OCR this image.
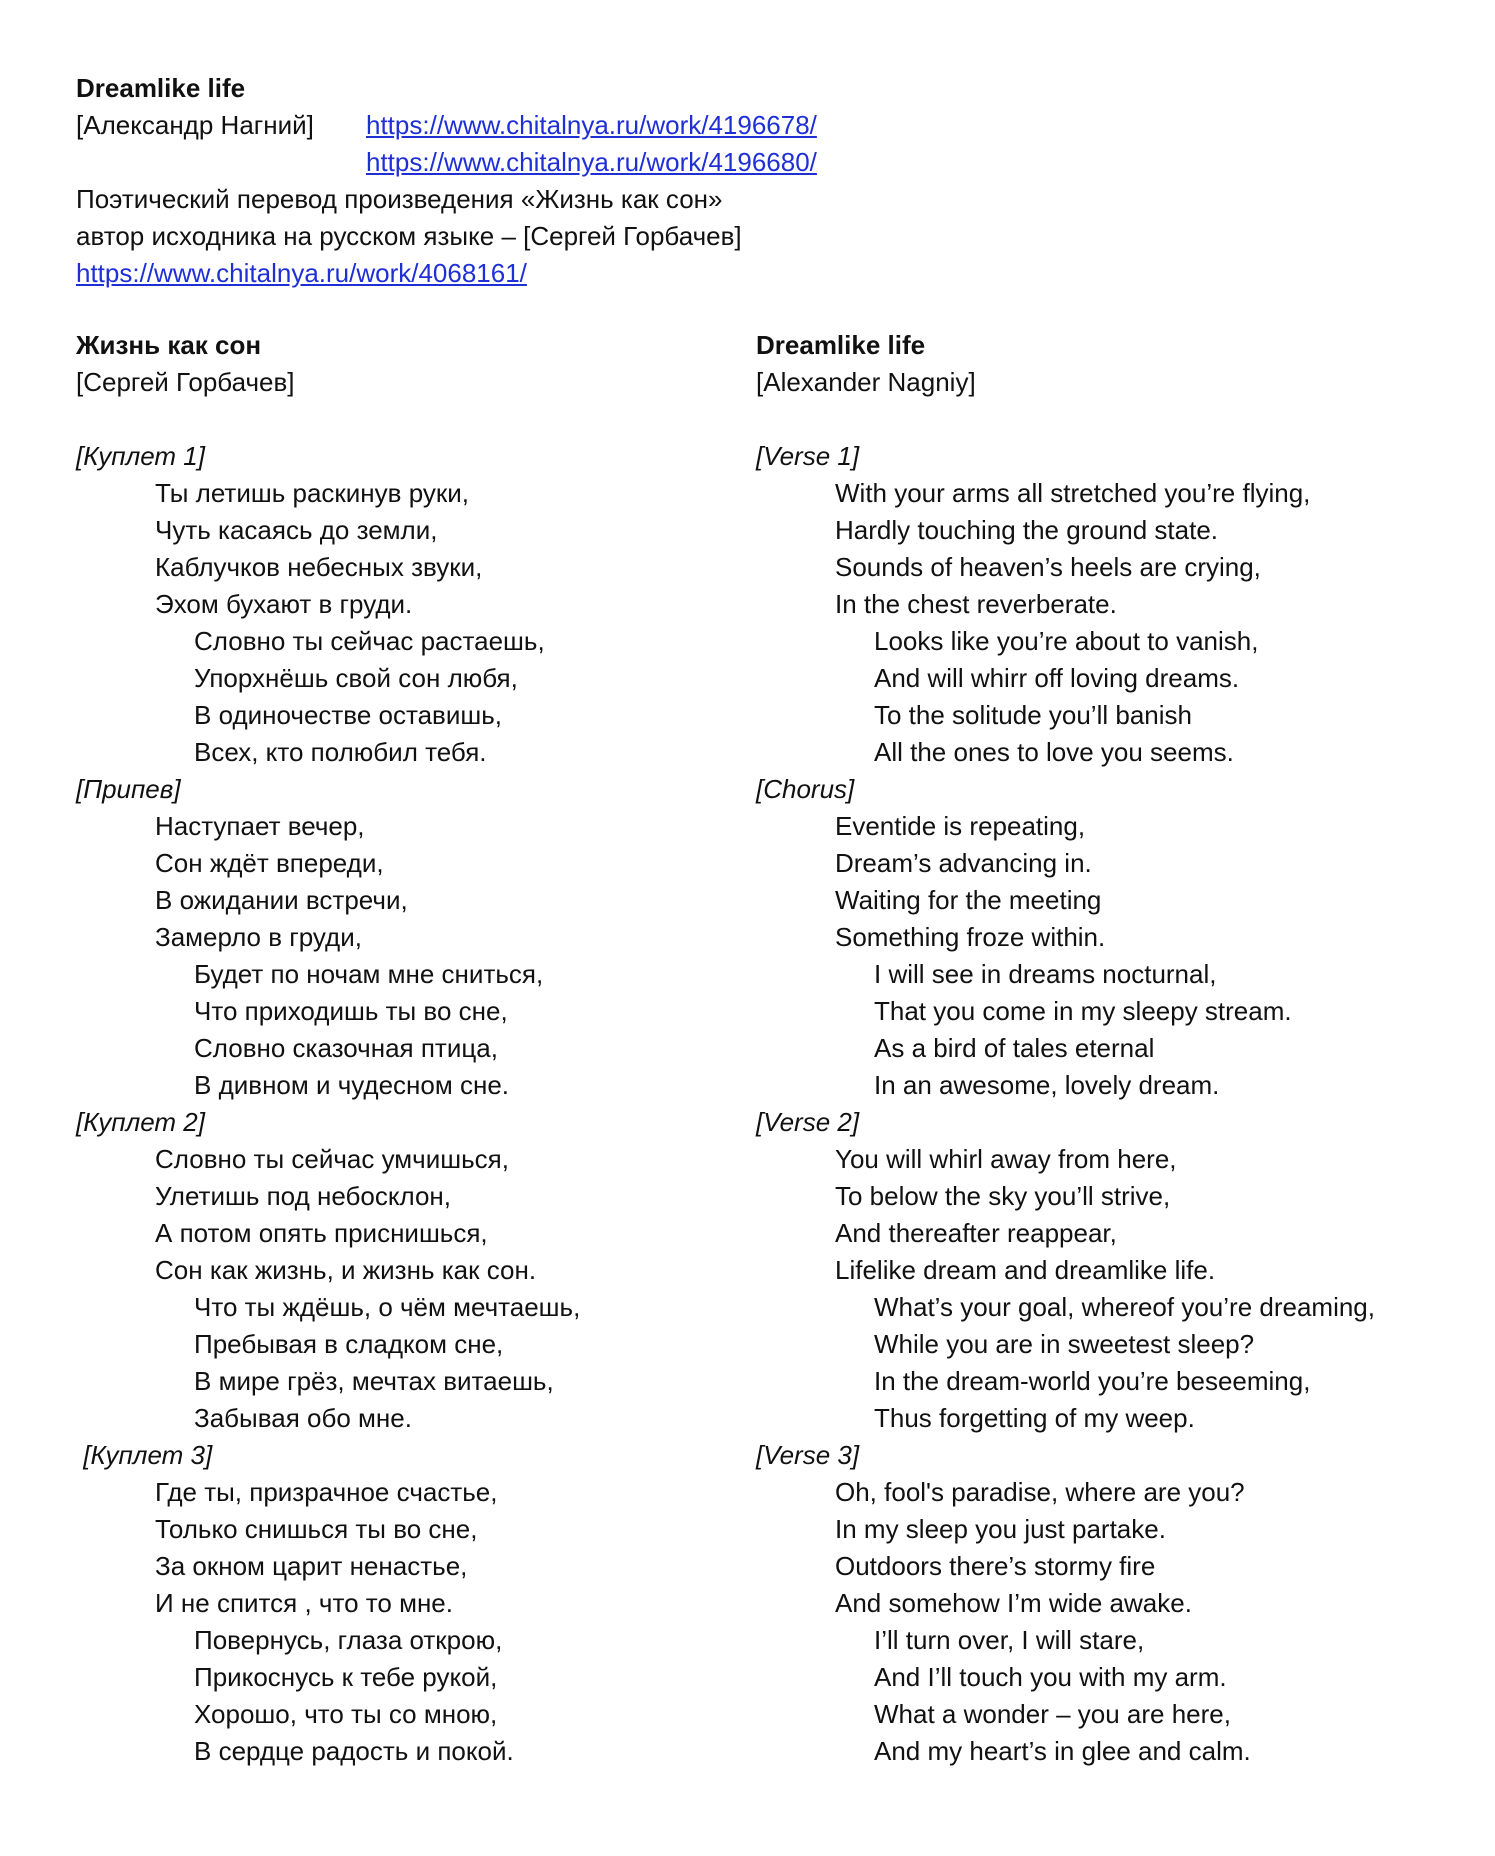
Dreamlike life
[Александр Нагний] https://www.chitalnya.ru/work/4196678/
https://www.chitalnya.ru/work/4196680/
Поэтический перевод произведения «Жизнь как сон»
автор исходника на русском языке – [Сергей Горбачев]
https://www.chitalnya.ru/work/4068161/
Жизнь как сон
[Сергей Горбачев]
[Куплет 1]
Ты летишь раскинув руки,
Чуть касаясь до земли,
Каблучков небесных звуки,
Эхом бухают в груди.
Словно ты сейчас растаешь,
Упорхнёшь свой сон любя,
В одиночестве оставишь,
Всех, кто полюбил тебя.
[Припев]
Наступает вечер,
Сон ждёт впереди,
В ожидании встречи,
Замерло в груди,
Будет по ночам мне сниться,
Что приходишь ты во сне,
Словно сказочная птица,
В дивном и чудесном сне.
[Куплет 2]
Словно ты сейчас умчишься,
Улетишь под небосклон,
А потом опять приснишься,
Сон как жизнь, и жизнь как сон.
Что ты ждёшь, о чём мечтаешь,
Пребывая в сладком сне,
В мире грёз, мечтах витаешь,
Забывая обо мне.
[Куплет 3]
Где ты, призрачное счастье,
Только снишься ты во сне,
За окном царит ненастье,
И не спится , что то мне.
Повернусь, глаза открою,
Прикоснусь к тебе рукой,
Хорошо, что ты со мною,
В сердце радость и покой.
Dreamlike life
[Alexander Nagniy]
[Verse 1]
With your arms all stretched you’re flying,
Hardly touching the ground state.
Sounds of heaven’s heels are crying,
In the chest reverberate.
Looks like you’re about to vanish,
And will whirr off loving dreams.
To the solitude you’ll banish
All the ones to love you seems.
[Chorus]
Eventide is repeating,
Dream’s advancing in.
Waiting for the meeting
Something froze within.
I will see in dreams nocturnal,
That you come in my sleepy stream.
As a bird of tales eternal
In an awesome, lovely dream.
[Verse 2]
You will whirl away from here,
To below the sky you’ll strive,
And thereafter reappear,
Lifelike dream and dreamlike life.
What’s your goal, whereof you’re dreaming,
While you are in sweetest sleep?
In the dream-world you’re beseeming,
Thus forgetting of my weep.
[Verse 3]
Oh, fool's paradise, where are you?
In my sleep you just partake.
Outdoors there’s stormy fire
And somehow I’m wide awake.
I’ll turn over, I will stare,
And I’ll touch you with my arm.
What a wonder – you are here,
And my heart’s in glee and calm.
